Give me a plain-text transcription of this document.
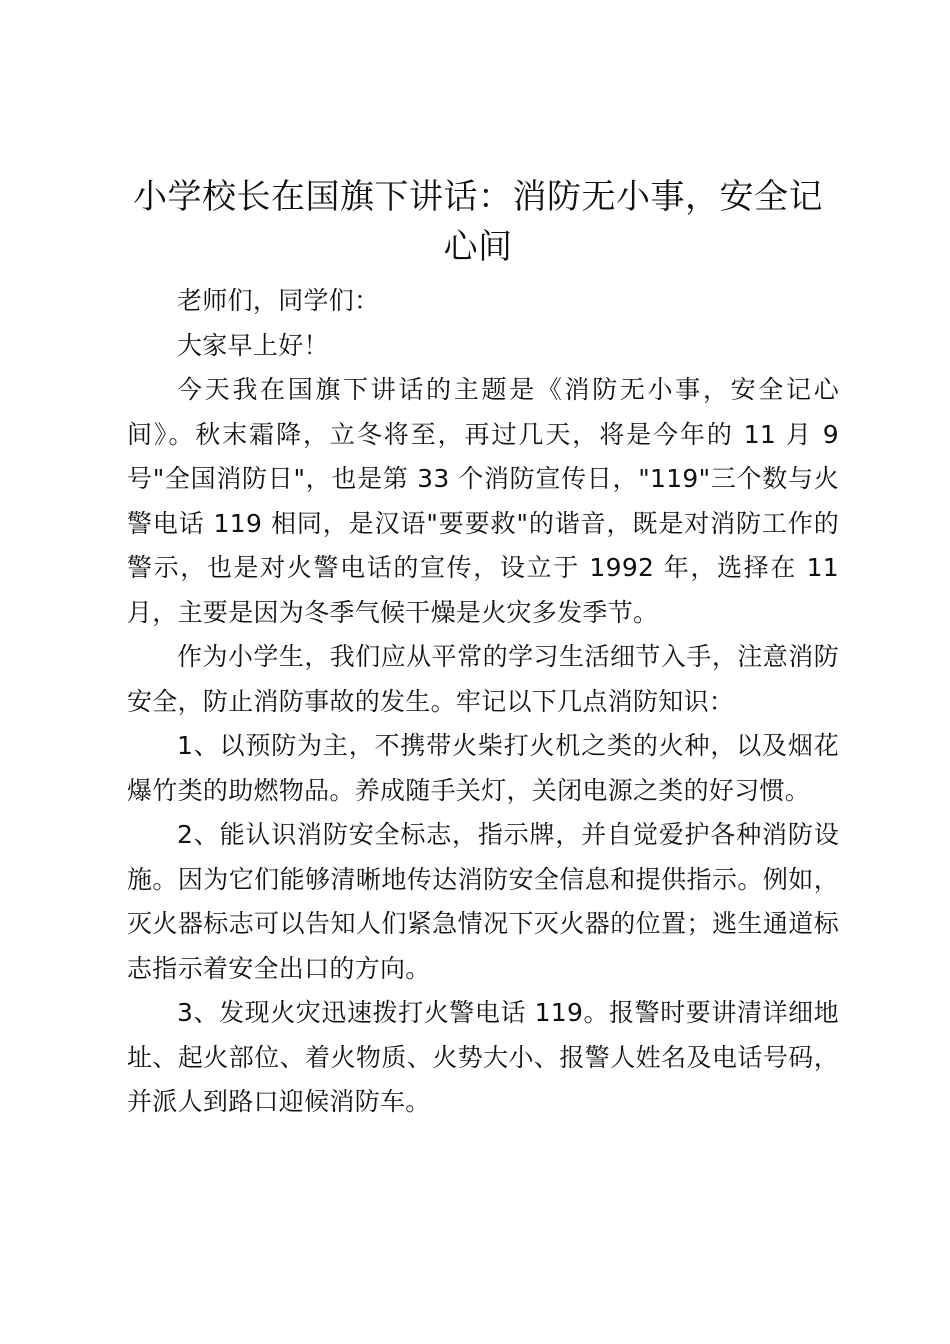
小学校长在国旗下讲话：消防无小事，安全记心间

老师们，同学们：

大家早上好！

今天我在国旗下讲话的主题是《消防无小事，安全记心间》。秋末霜降，立冬将至，再过几天，将是今年的 11 月 9 号"全国消防日"，也是第 33 个消防宣传日，"119"三个数与火警电话 119 相同，是汉语"要要救"的谐音，既是对消防工作的警示，也是对火警电话的宣传，设立于 1992 年，选择在 11 月，主要是因为冬季气候干燥是火灾多发季节。

作为小学生，我们应从平常的学习生活细节入手，注意消防安全，防止消防事故的发生。牢记以下几点消防知识：

1、以预防为主，不携带火柴打火机之类的火种，以及烟花爆竹类的助燃物品。养成随手关灯，关闭电源之类的好习惯。

2、能认识消防安全标志，指示牌，并自觉爱护各种消防设施。因为它们能够清晰地传达消防安全信息和提供指示。例如，灭火器标志可以告知人们紧急情况下灭火器的位置；逃生通道标志指示着安全出口的方向。

3、发现火灾迅速拨打火警电话 119。报警时要讲清详细地址、起火部位、着火物质、火势大小、报警人姓名及电话号码，并派人到路口迎候消防车。
